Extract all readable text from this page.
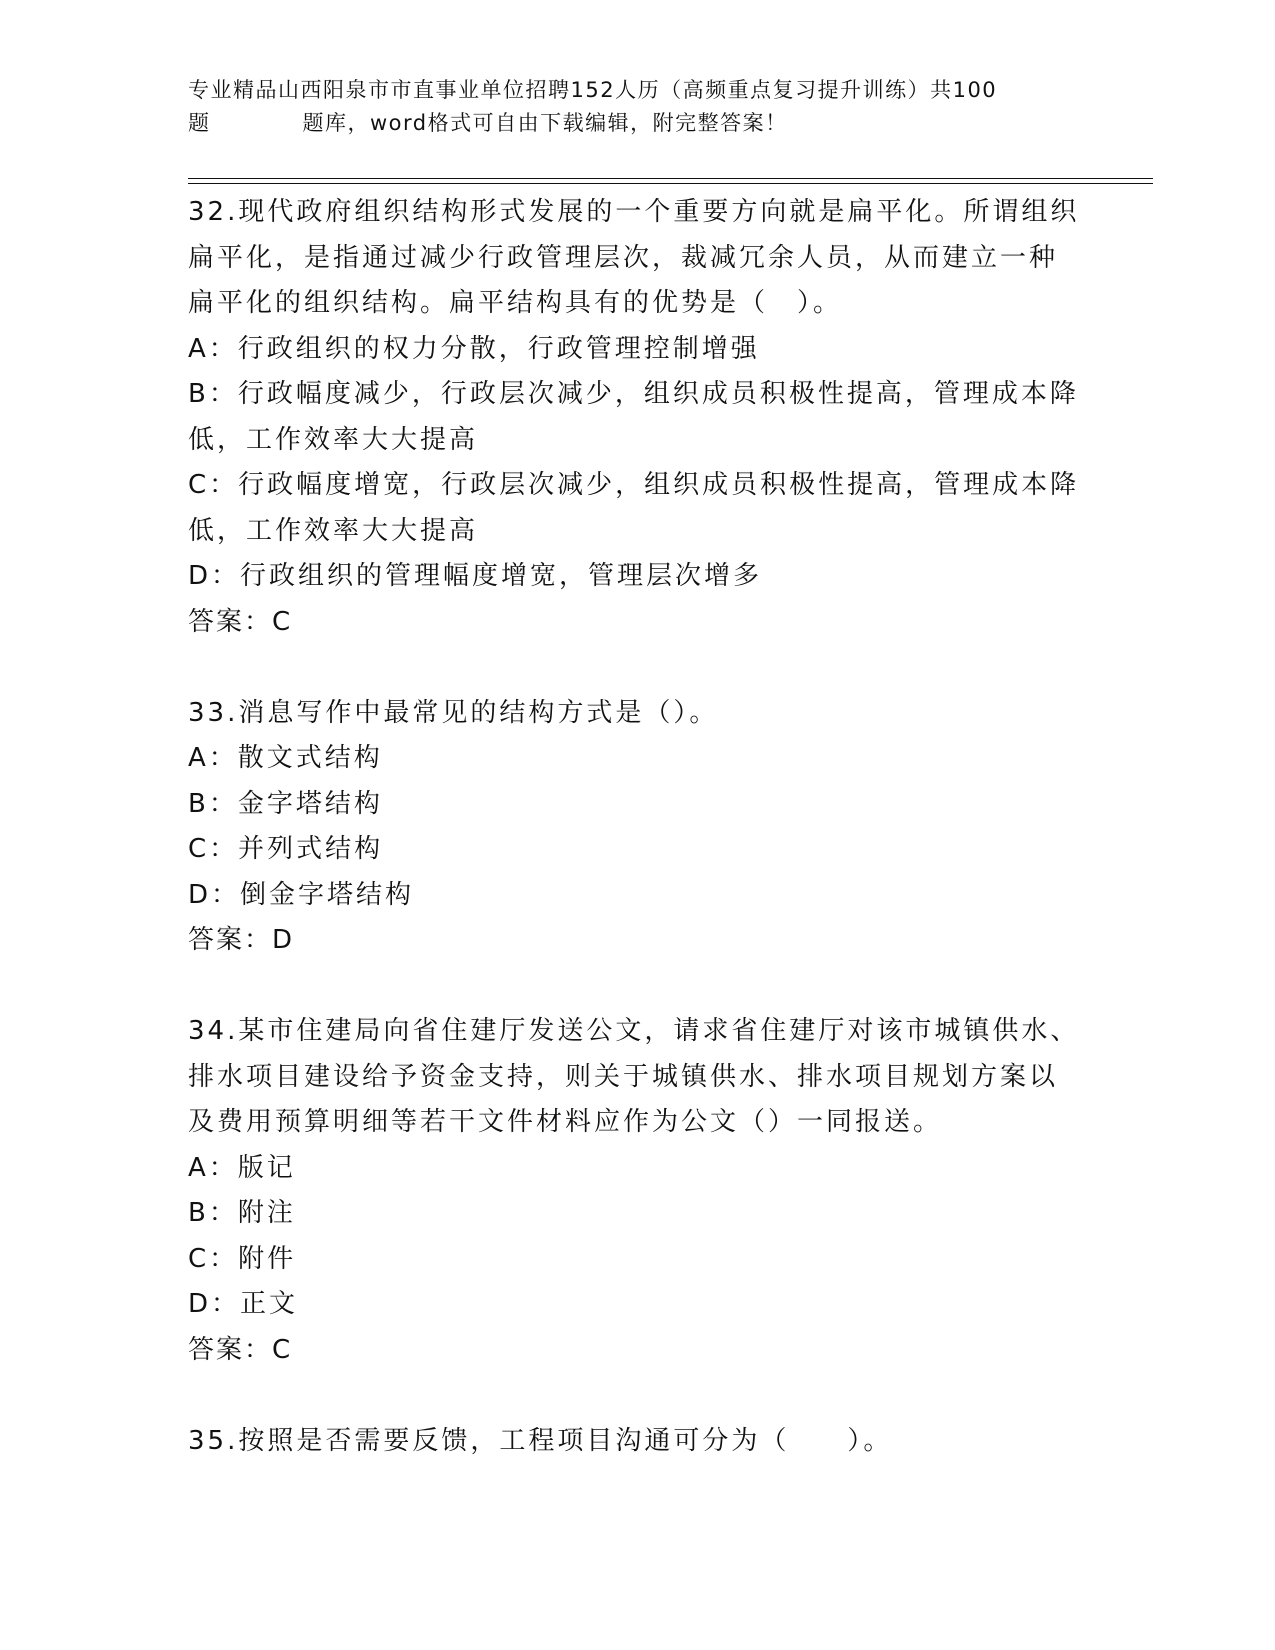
专业精品山西阳泉市市直事业单位招聘152人历（高频重点复习提升训练）共100
题	题库，word格式可自由下载编辑，附完整答案！
32.现代政府组织结构形式发展的一个重要方向就是扁平化。所谓组织
扁平化，是指通过减少行政管理层次，裁减冗余人员，从而建立一种
扁平化的组织结构。扁平结构具有的优势是（　）。
A：行政组织的权力分散，行政管理控制增强
B：行政幅度减少，行政层次减少，组织成员积极性提高，管理成本降
低，工作效率大大提高
C：行政幅度增宽，行政层次减少，组织成员积极性提高，管理成本降
低，工作效率大大提高
D：行政组织的管理幅度增宽，管理层次增多
答案：C
33.消息写作中最常见的结构方式是（）。
A：散文式结构
B：金字塔结构
C：并列式结构
D：倒金字塔结构
答案：D
34.某市住建局向省住建厅发送公文，请求省住建厅对该市城镇供水、
排水项目建设给予资金支持，则关于城镇供水、排水项目规划方案以
及费用预算明细等若干文件材料应作为公文（）一同报送。
A：版记
B：附注
C：附件
D：正文
答案：C
35.按照是否需要反馈，工程项目沟通可分为（　　）。
